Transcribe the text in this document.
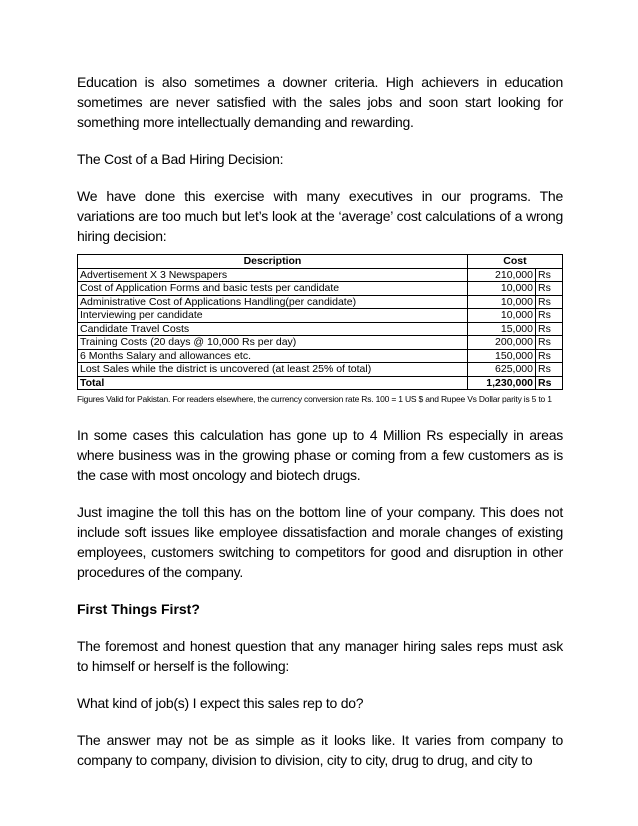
Education is also sometimes a downer criteria. High achievers in education sometimes are never satisfied with the sales jobs and soon start looking for something more intellectually demanding and rewarding.

The Cost of a Bad Hiring Decision:

We have done this exercise with many executives in our programs. The variations are too much but let’s look at the ‘average’ cost calculations of a wrong hiring decision:

Description	Cost	
Advertisement X 3 Newspapers	210,000	Rs
Cost of Application Forms and basic tests per candidate	10,000	Rs
Administrative Cost of Applications Handling(per candidate)	10,000	Rs
Interviewing per candidate	10,000	Rs
Candidate Travel Costs	15,000	Rs
Training Costs (20 days @ 10,000 Rs per day)	200,000	Rs
6 Months Salary and allowances etc.	150,000	Rs
Lost Sales while the district is uncovered (at least 25% of total)	625,000	Rs
Total	1,230,000	Rs

Figures Valid for Pakistan. For readers elsewhere, the currency conversion rate Rs. 100 = 1 US $ and Rupee Vs Dollar parity is 5 to 1

In some cases this calculation has gone up to 4 Million Rs especially in areas where business was in the growing phase or coming from a few customers as is the case with most oncology and biotech drugs.

Just imagine the toll this has on the bottom line of your company. This does not include soft issues like employee dissatisfaction and morale changes of existing employees, customers switching to competitors for good and disruption in other procedures of the company.

First Things First?

The foremost and honest question that any manager hiring sales reps must ask to himself or herself is the following:

What kind of job(s) I expect this sales rep to do?

The answer may not be as simple as it looks like. It varies from company to company to company, division to division, city to city, drug to drug, and city to
